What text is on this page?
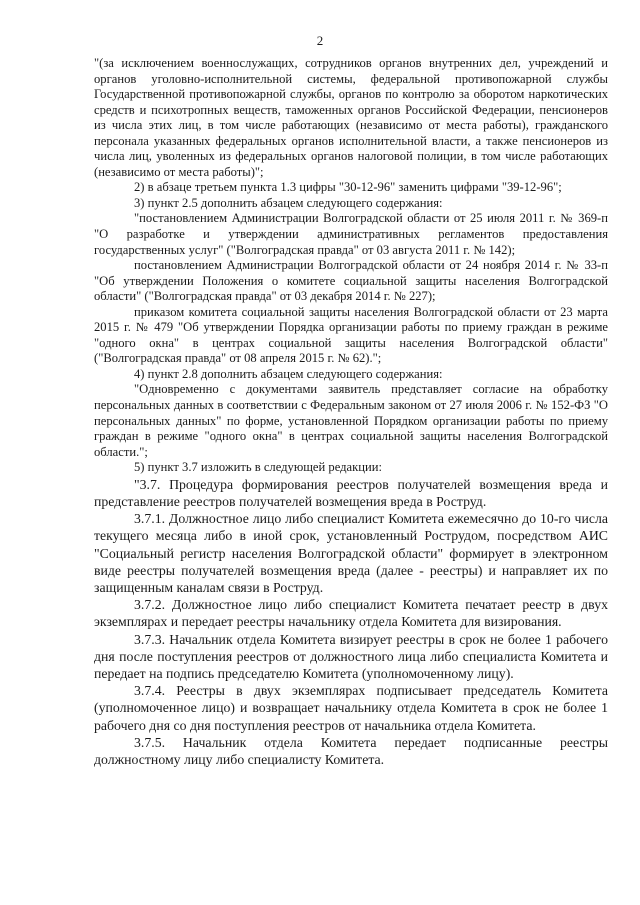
2

"(за исключением военнослужащих, сотрудников органов внутренних дел, учреждений и органов уголовно-исполнительной системы, федеральной противопожарной службы Государственной противопожарной службы, органов по контролю за оборотом наркотических средств и психотропных веществ, таможенных органов Российской Федерации, пенсионеров из числа этих лиц, в том числе работающих (независимо от места работы), гражданского персонала указанных федеральных органов исполнительной власти, а также пенсионеров из числа лиц, уволенных из федеральных органов налоговой полиции, в том числе работающих (независимо от места работы)";

2) в абзаце третьем пункта 1.3 цифры "30-12-96" заменить цифрами "39-12-96";

3) пункт 2.5 дополнить абзацем следующего содержания:

"постановлением Администрации Волгоградской области от 25 июля 2011 г. № 369-п "О разработке и утверждении административных регламентов предоставления государственных услуг" ("Волгоградская правда" от 03 августа 2011 г. № 142);

постановлением Администрации Волгоградской области от 24 ноября 2014 г. № 33-п "Об утверждении Положения о комитете социальной защиты населения Волгоградской области" ("Волгоградская правда" от 03 декабря 2014 г. № 227);

приказом комитета социальной защиты населения Волгоградской области от 23 марта 2015 г. № 479 "Об утверждении Порядка организации работы по приему граждан в режиме "одного окна" в центрах социальной защиты населения Волгоградской области" ("Волгоградская правда" от 08 апреля 2015 г. № 62).";

4) пункт 2.8 дополнить абзацем следующего содержания:

"Одновременно с документами заявитель представляет согласие на обработку персональных данных в соответствии с Федеральным законом от 27 июля 2006 г. № 152-ФЗ "О персональных данных" по форме, установленной Порядком организации работы по приему граждан в режиме "одного окна" в центрах социальной защиты населения Волгоградской области.";

5) пункт 3.7 изложить в следующей редакции:

"3.7. Процедура формирования реестров получателей возмещения вреда и представление реестров получателей возмещения вреда в Роструд.

3.7.1. Должностное лицо либо специалист Комитета ежемесячно до 10-го числа текущего месяца либо в иной срок, установленный Рострудом, посредством АИС "Социальный регистр населения Волгоградской области" формирует в электронном виде реестры получателей возмещения вреда (далее - реестры) и направляет их по защищенным каналам связи в Роструд.

3.7.2. Должностное лицо либо специалист Комитета печатает реестр в двух экземплярах и передает реестры начальнику отдела Комитета для визирования.

3.7.3. Начальник отдела Комитета визирует реестры в срок не более 1 рабочего дня после поступления реестров от должностного лица либо специалиста Комитета и передает на подпись председателю Комитета (уполномоченному лицу).

3.7.4. Реестры в двух экземплярах подписывает председатель Комитета (уполномоченное лицо) и возвращает начальнику отдела Комитета в срок не более 1 рабочего дня со дня поступления реестров от начальника отдела Комитета.

3.7.5. Начальник отдела Комитета передает подписанные реестры должностному лицу либо специалисту Комитета.
